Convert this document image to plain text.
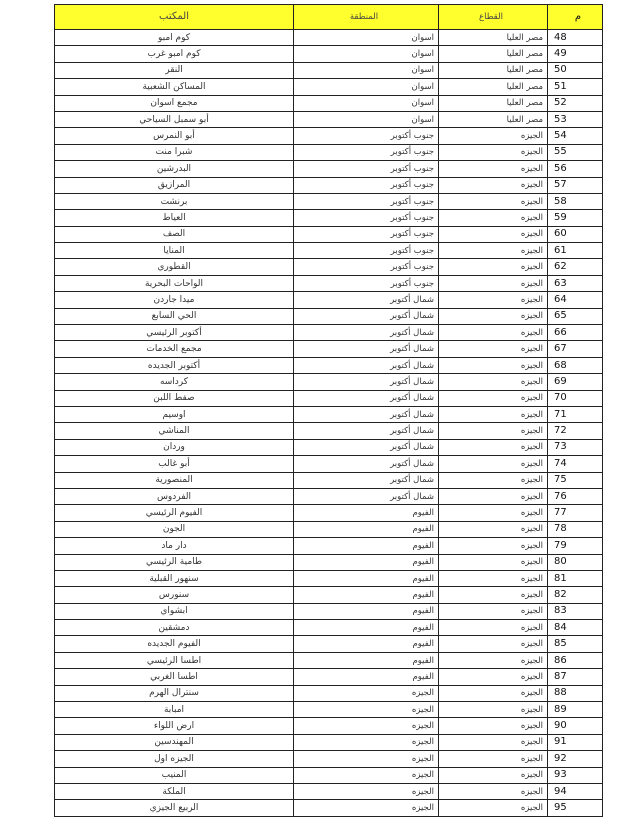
المكتب	المنطقة	القطاع	م
كوم امبو	اسوان	مصر العليا	48
كوم امبو غرب	اسوان	مصر العليا	49
النقر	اسوان	مصر العليا	50
المساكن الشعبية	اسوان	مصر العليا	51
مجمع اسوان	اسوان	مصر العليا	52
أبو سمبل السياحي	اسوان	مصر العليا	53
أبو النمرس	جنوب أكتوبر	الجيزه	54
شبرا منت	جنوب أكتوبر	الجيزه	55
البدرشين	جنوب أكتوبر	الجيزه	56
المرازيق	جنوب أكتوبر	الجيزه	57
برنشت	جنوب أكتوبر	الجيزه	58
العياط	جنوب أكتوبر	الجيزه	59
الصف	جنوب أكتوبر	الجيزه	60
المنايا	جنوب أكتوبر	الجيزه	61
القطوري	جنوب أكتوبر	الجيزه	62
الواحات البحرية	جنوب أكتوبر	الجيزه	63
ميدا جاردن	شمال أكتوبر	الجيزه	64
الحي السابع	شمال أكتوبر	الجيزه	65
أكتوبر الرئيسي	شمال أكتوبر	الجيزه	66
مجمع الخدمات	شمال أكتوبر	الجيزه	67
أكتوبر الجديده	شمال أكتوبر	الجيزه	68
كرداسه	شمال أكتوبر	الجيزه	69
صفط اللبن	شمال أكتوبر	الجيزه	70
اوسيم	شمال أكتوبر	الجيزه	71
المناشي	شمال أكتوبر	الجيزه	72
وردان	شمال أكتوبر	الجيزه	73
أبو غالب	شمال أكتوبر	الجيزه	74
المنصورية	شمال أكتوبر	الجيزه	75
الفردوس	شمال أكتوبر	الجيزه	76
الفيوم الرئيسي	الفيوم	الجيزه	77
الجون	الفيوم	الجيزه	78
دار ماد	الفيوم	الجيزه	79
طامية الرئيسي	الفيوم	الجيزه	80
سنهور القبلية	الفيوم	الجيزه	81
سنورس	الفيوم	الجيزه	82
ابشواي	الفيوم	الجيزه	83
دمشقين	الفيوم	الجيزه	84
الفيوم الجديده	الفيوم	الجيزه	85
اطسا الرئيسي	الفيوم	الجيزه	86
اطسا الغربي	الفيوم	الجيزه	87
سنترال الهرم	الجيزه	الجيزه	88
امبابة	الجيزه	الجيزه	89
ارض اللواء	الجيزه	الجيزه	90
المهندسين	الجيزه	الجيزه	91
الجيزه اول	الجيزه	الجيزه	92
المنيب	الجيزه	الجيزه	93
الملكة	الجيزه	الجيزه	94
الربيع الجيزي	الجيزه	الجيزه	95
